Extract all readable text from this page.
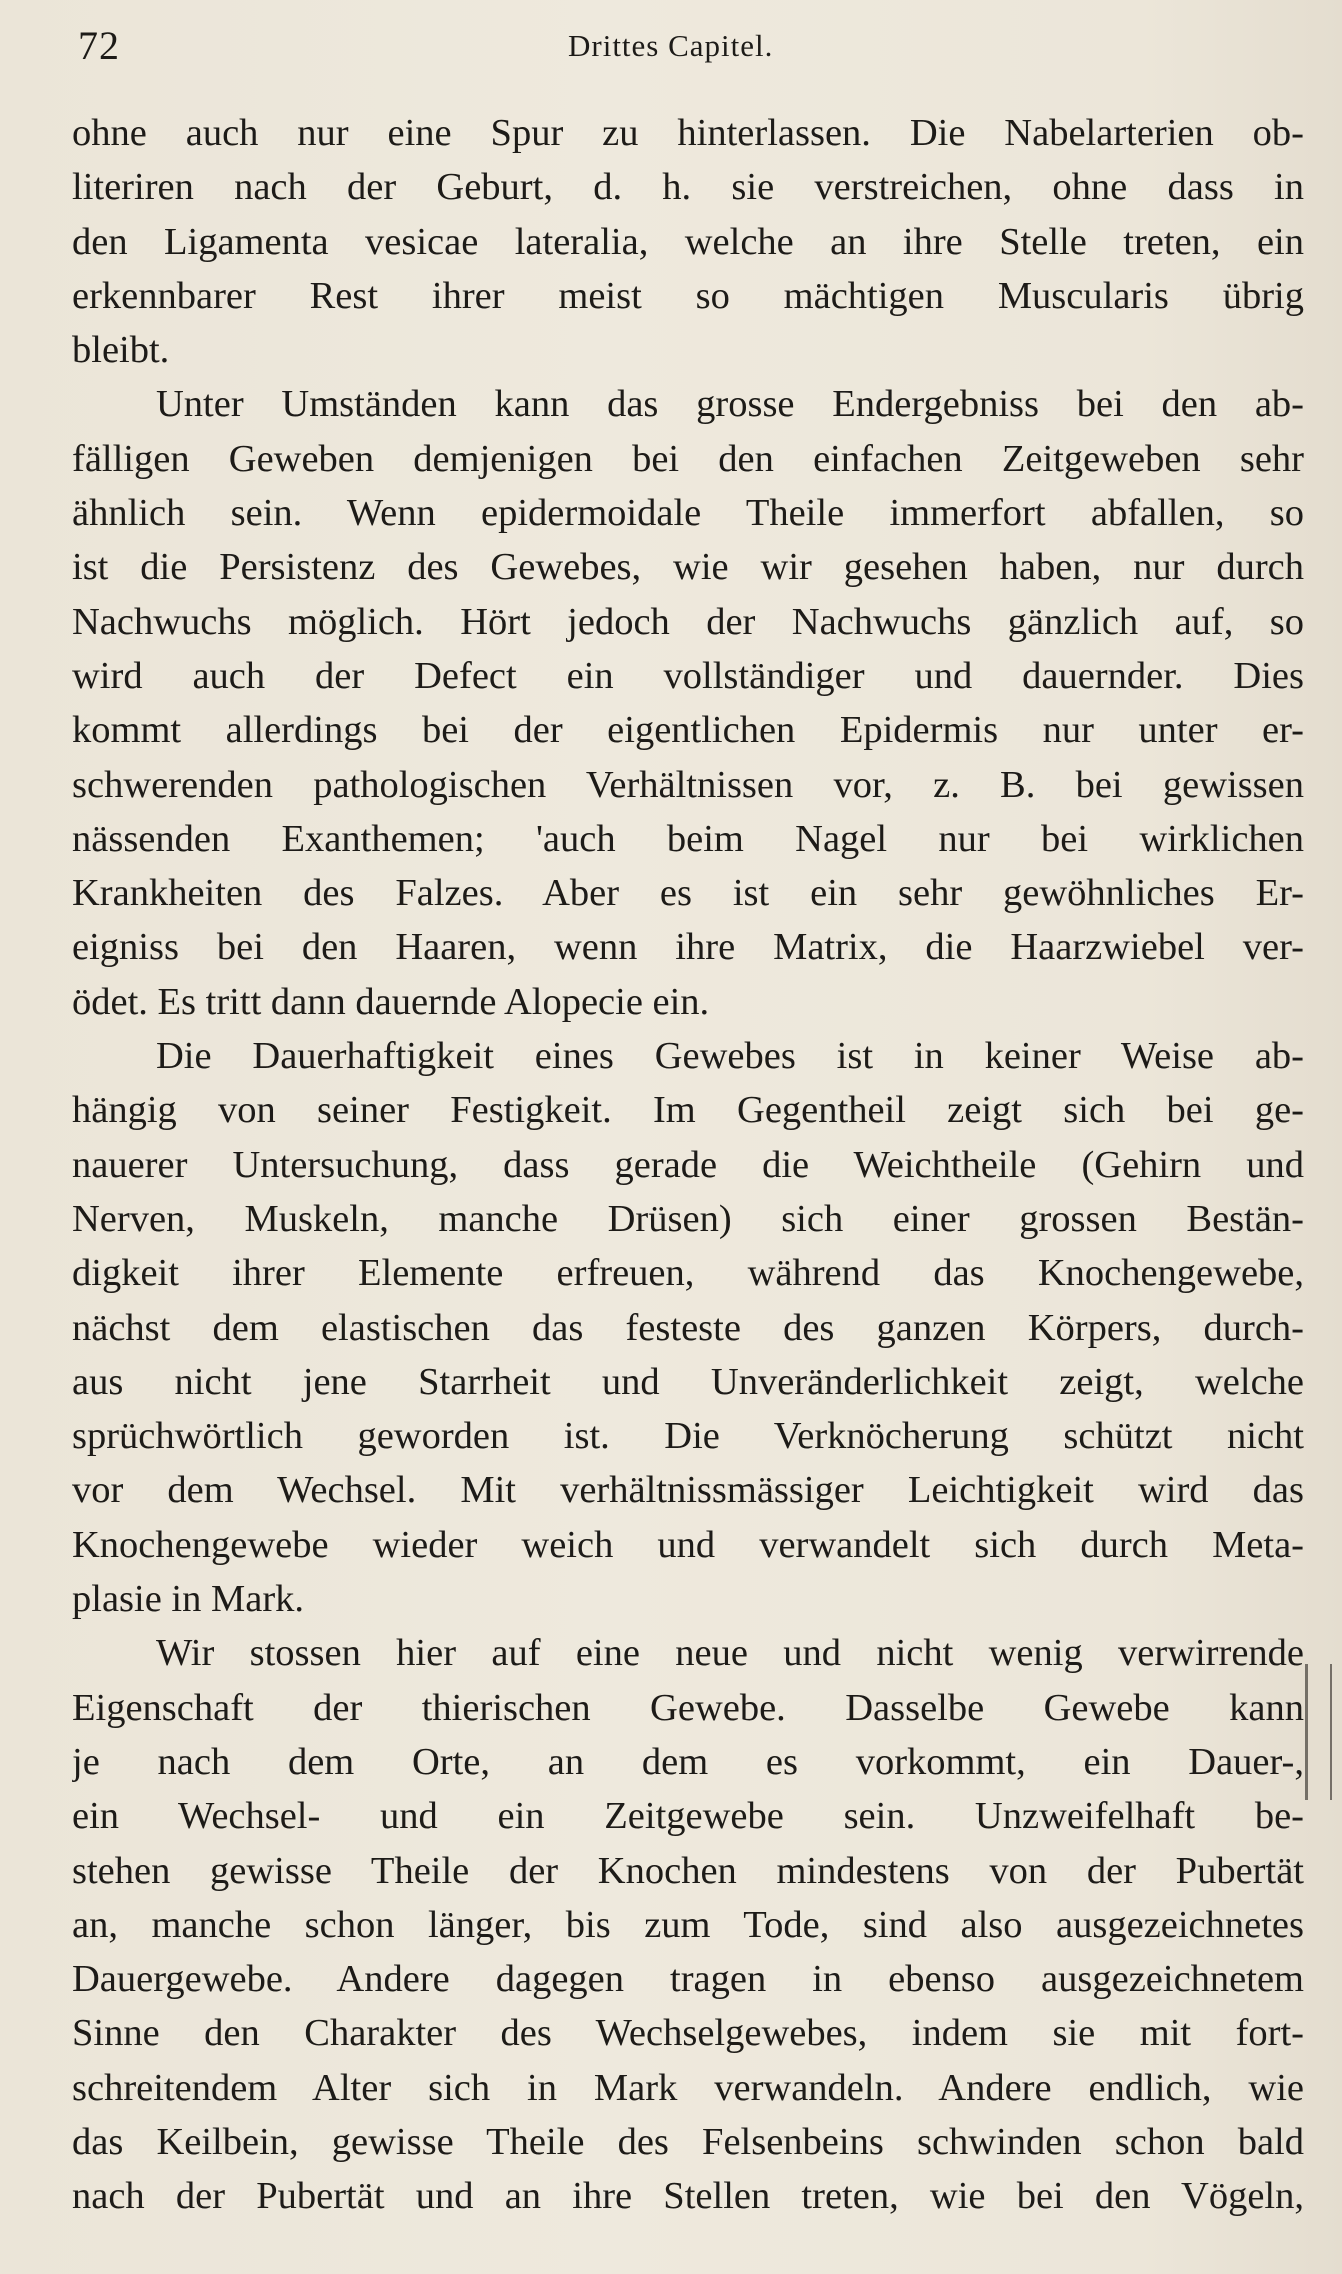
72	Drittes Capitel.
ohne auch nur eine Spur zu hinterlassen. Die Nabelarterien ob-
literiren nach der Geburt, d. h. sie verstreichen, ohne dass in
den Ligamenta vesicae lateralia, welche an ihre Stelle treten, ein
erkennbarer Rest ihrer meist so mächtigen Muscularis übrig
bleibt.
Unter Umständen kann das grosse Endergebniss bei den ab-
fälligen Geweben demjenigen bei den einfachen Zeitgeweben sehr
ähnlich sein. Wenn epidermoidale Theile immerfort abfallen, so
ist die Persistenz des Gewebes, wie wir gesehen haben, nur durch
Nachwuchs möglich. Hört jedoch der Nachwuchs gänzlich auf, so
wird auch der Defect ein vollständiger und dauernder. Dies
kommt allerdings bei der eigentlichen Epidermis nur unter er-
schwerenden pathologischen Verhältnissen vor, z. B. bei gewissen
nässenden Exanthemen; 'auch beim Nagel nur bei wirklichen
Krankheiten des Falzes. Aber es ist ein sehr gewöhnliches Er-
eigniss bei den Haaren, wenn ihre Matrix, die Haarzwiebel ver-
ödet. Es tritt dann dauernde Alopecie ein.
Die Dauerhaftigkeit eines Gewebes ist in keiner Weise ab-
hängig von seiner Festigkeit. Im Gegentheil zeigt sich bei ge-
nauerer Untersuchung, dass gerade die Weichtheile (Gehirn und
Nerven, Muskeln, manche Drüsen) sich einer grossen Bestän-
digkeit ihrer Elemente erfreuen, während das Knochengewebe,
nächst dem elastischen das festeste des ganzen Körpers, durch-
aus nicht jene Starrheit und Unveränderlichkeit zeigt, welche
sprüchwörtlich geworden ist. Die Verknöcherung schützt nicht
vor dem Wechsel. Mit verhältnissmässiger Leichtigkeit wird das
Knochengewebe wieder weich und verwandelt sich durch Meta-
plasie in Mark.
Wir stossen hier auf eine neue und nicht wenig verwirrende
Eigenschaft der thierischen Gewebe. Dasselbe Gewebe kann
je nach dem Orte, an dem es vorkommt, ein Dauer-,
ein Wechsel- und ein Zeitgewebe sein. Unzweifelhaft be-
stehen gewisse Theile der Knochen mindestens von der Pubertät
an, manche schon länger, bis zum Tode, sind also ausgezeichnetes
Dauergewebe. Andere dagegen tragen in ebenso ausgezeichnetem
Sinne den Charakter des Wechselgewebes, indem sie mit fort-
schreitendem Alter sich in Mark verwandeln. Andere endlich, wie
das Keilbein, gewisse Theile des Felsenbeins schwinden schon bald
nach der Pubertät und an ihre Stellen treten, wie bei den Vögeln,
